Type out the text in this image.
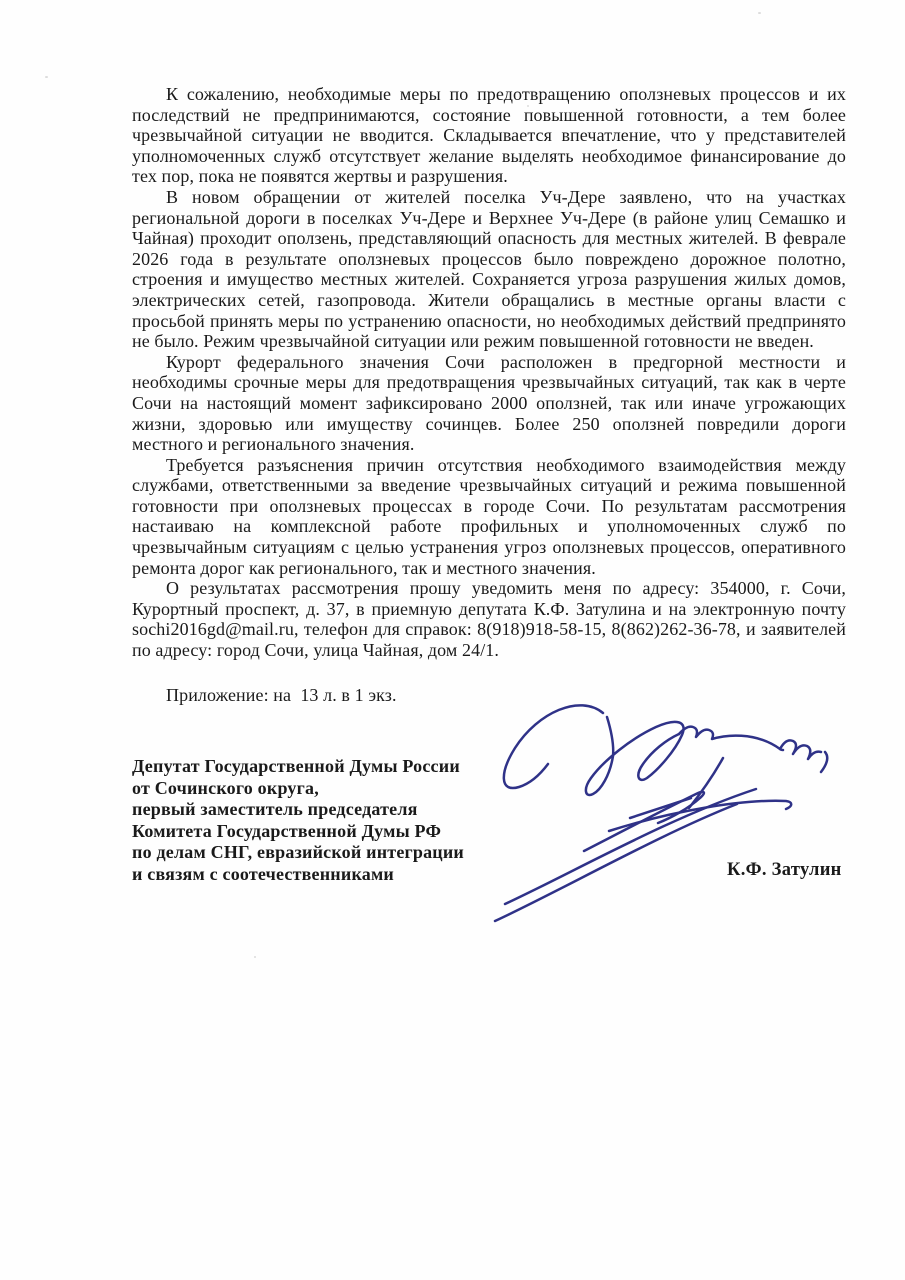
К сожалению, необходимые меры по предотвращению оползневых процессов и их последствий не предпринимаются, состояние повышенной готовности, а тем более чрезвычайной ситуации не вводится. Складывается впечатление, что у представителей уполномоченных служб отсутствует желание выделять необходимое финансирование до тех пор, пока не появятся жертвы и разрушения.

В новом обращении от жителей поселка Уч-Дере заявлено, что на участках региональной дороги в поселках Уч-Дере и Верхнее Уч-Дере (в районе улиц Семашко и Чайная) проходит оползень, представляющий опасность для местных жителей. В феврале 2026 года в результате оползневых процессов было повреждено дорожное полотно, строения и имущество местных жителей. Сохраняется угроза разрушения жилых домов, электрических сетей, газопровода. Жители обращались в местные органы власти с просьбой принять меры по устранению опасности, но необходимых действий предпринято не было. Режим чрезвычайной ситуации или режим повышенной готовности не введен.

Курорт федерального значения Сочи расположен в предгорной местности и необходимы срочные меры для предотвращения чрезвычайных ситуаций, так как в черте Сочи на настоящий момент зафиксировано 2000 оползней, так или иначе угрожающих жизни, здоровью или имуществу сочинцев. Более 250 оползней повредили дороги местного и регионального значения.

Требуется разъяснения причин отсутствия необходимого взаимодействия между службами, ответственными за введение чрезвычайных ситуаций и режима повышенной готовности при оползневых процессах в городе Сочи. По результатам рассмотрения настаиваю на комплексной работе профильных и уполномоченных служб по чрезвычайным ситуациям с целью устранения угроз оползневых процессов, оперативного ремонта дорог как регионального, так и местного значения.

О результатах рассмотрения прошу уведомить меня по адресу: 354000, г. Сочи, Курортный проспект, д. 37, в приемную депутата К.Ф. Затулина и на электронную почту sochi2016gd@mail.ru, телефон для справок: 8(918)918-58-15, 8(862)262-36-78, и заявителей по адресу: город Сочи, улица Чайная, дом 24/1.

Приложение: на  13 л. в 1 экз.

Депутат Государственной Думы России
от Сочинского округа,
первый заместитель председателя
Комитета Государственной Думы РФ
по делам СНГ, евразийской интеграции
и связям с соотечественниками	К.Ф. Затулин
